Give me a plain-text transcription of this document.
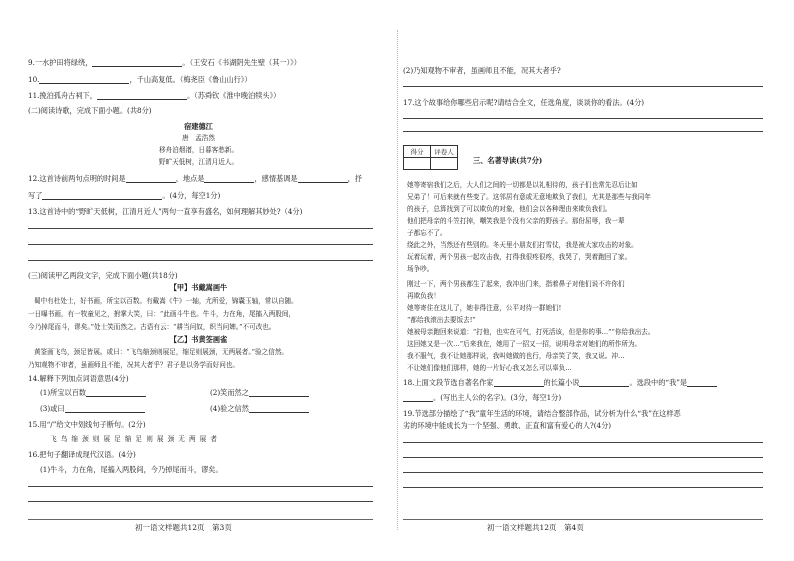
9.一水护田将绿绕，	。（王安石《书湖阴先生壁（其一）》）
10.	，千山高复低。（梅尧臣《鲁山山行》）
11.挽泊孤舟古祠下，	。（苏舜钦《淮中晚泊犊头》）
(二)阅读诗歌，完成下面小题。(共8分)
宿建德江
唐　孟浩然
移舟泊烟渚，日暮客愁新。
野旷天低树，江清月近人。
12.这首诗前两句点明的时间是	，地点是	，感情基调是	，抒
写了	。(4分，每空1分)
13.这首诗中的“野旷天低树，江清月近人”两句一直享有盛名，如何理解其妙处?（4分)
(三)阅读甲乙两段文字，完成下面小题(共18分)
【甲】书戴嵩画牛
蜀中有杜处士，好书画，所宝以百数。有戴嵩《牛》一轴，尤所爱，锦囊玉轴，常以自随。
一日曝书画，有一牧童见之，拊掌大笑，曰：“此画斗牛也。牛斗，力在角，尾搐入两股间，
今乃掉尾而斗，谬矣。”处士笑而然之。古语有云：“耕当问奴，织当问婢。”不可改也。
【乙】书黄筌画雀
黄筌画飞鸟，颈足皆展。或曰：“飞鸟缩颈则展足，缩足则展颈，无两展者。”验之信然。
乃知观物不审者，虽画师且不能，况其大者乎？君子是以务学而好问也。
14.解释下列加点词语意思(4分)
(1)所宝以百数	(2)笑而然之
(3)或曰	(4)验之信然
15.用“/”给文中划线句子断句。(2分)
飞 鸟 缩 颈 则 展 足 缩 足 则 展 颈 无 两 展 者
16.把句子翻译成现代汉语。(4分)
(1)牛斗，力在角，尾搐入两股间，今乃掉尾而斗，谬矣。
初一语文样题共12页　第3页
(2)乃知观物不审者，虽画师且不能，况其大者乎?
17.这个故事给你哪些启示呢?请结合全文，任选角度，谈谈你的看法。(4分)
得分	评卷人

三、名著导读(共7分)
她等寄宿我们之后，大人们之间的一切都是以礼相待的，孩子们也常先忍后让如
兄弟了！可后来就有些变了。这邻居有意或无意地欺负了我们，尤其是那些与我同年
的孩子，总算找到了可以欺负的对象，他们会以各种理由来欺负我们。
他们把母亲的斗笠打掉，嘲笑我是个没有父亲的野孩子。那份屈辱，我一辈
子都忘不了。
绕此之外，当然还有些别的。冬天里小朋友们打雪仗，我是被大家攻击的对象。
玩着玩着，两个男孩一起攻击我，打得我很疼很疼，我哭了，哭着跑回了家。
场争吵。
刚过一下，两个男孩都生了起来，我冲出门来，指着鼻子对他们说不许你们
再欺负我！
她等寄住在这儿了，她非得注意，公平对待一群她们!
“都给我滚出去要饭去!”
她被母亲跑回来说道：“打他，也实在可气，打死活该，但是你的事…”“你给我出去。
这回她又是一次…”后来我在，她用了一招又一招，说明母亲对她们的所作所为。
我不服气，我不让她那样说，我叫她做的也行，母亲笑了笑，我又说。冲…
不让她们像他们那样，她的一片好心我又怎么可以辜负…
18.上面文段节选自著名作家	的长篇小说	。选段中的“我”是
。(写出主人公的名字)。(3分，每空1分)
19.节选部分描绘了“我”童年生活的环境，请结合整部作品，试分析为什么“我”在这样恶
劣的环境中能成长为一个坚强、勇敢、正直和富有爱心的人?(4分)
初一语文样题共12页　第4页
